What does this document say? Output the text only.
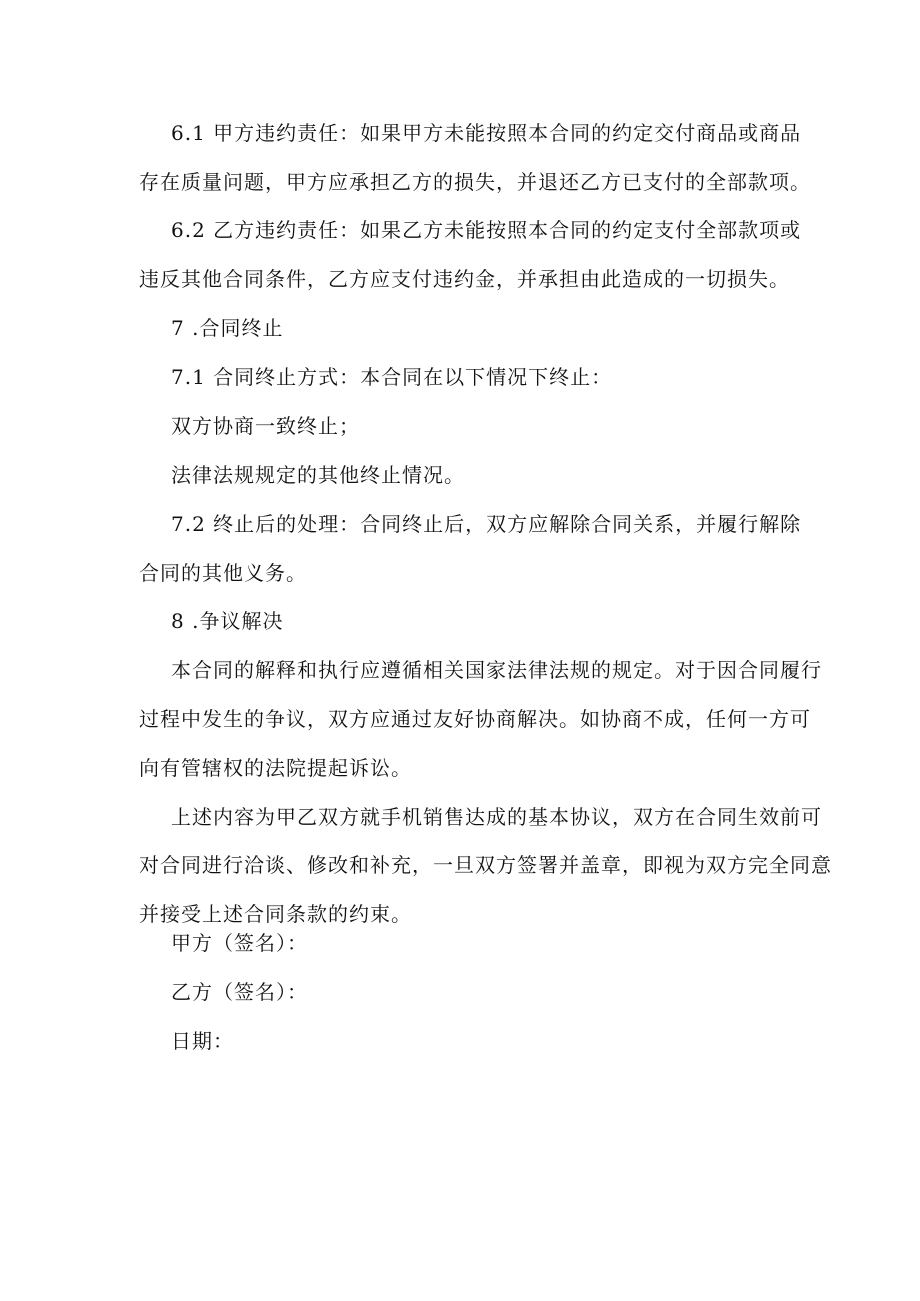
6.1 甲方违约责任：如果甲方未能按照本合同的约定交付商品或商品
存在质量问题，甲方应承担乙方的损失，并退还乙方已支付的全部款项。
6.2 乙方违约责任：如果乙方未能按照本合同的约定支付全部款项或
违反其他合同条件，乙方应支付违约金，并承担由此造成的一切损失。
7 .合同终止
7.1 合同终止方式：本合同在以下情况下终止：
双方协商一致终止；
法律法规规定的其他终止情况。
7.2 终止后的处理：合同终止后，双方应解除合同关系，并履行解除
合同的其他义务。
8 .争议解决
本合同的解释和执行应遵循相关国家法律法规的规定。对于因合同履行
过程中发生的争议，双方应通过友好协商解决。如协商不成，任何一方可
向有管辖权的法院提起诉讼。
上述内容为甲乙双方就手机销售达成的基本协议，双方在合同生效前可
对合同进行洽谈、修改和补充，一旦双方签署并盖章，即视为双方完全同意
并接受上述合同条款的约束。
甲方（签名）：
乙方（签名）：
日期：
